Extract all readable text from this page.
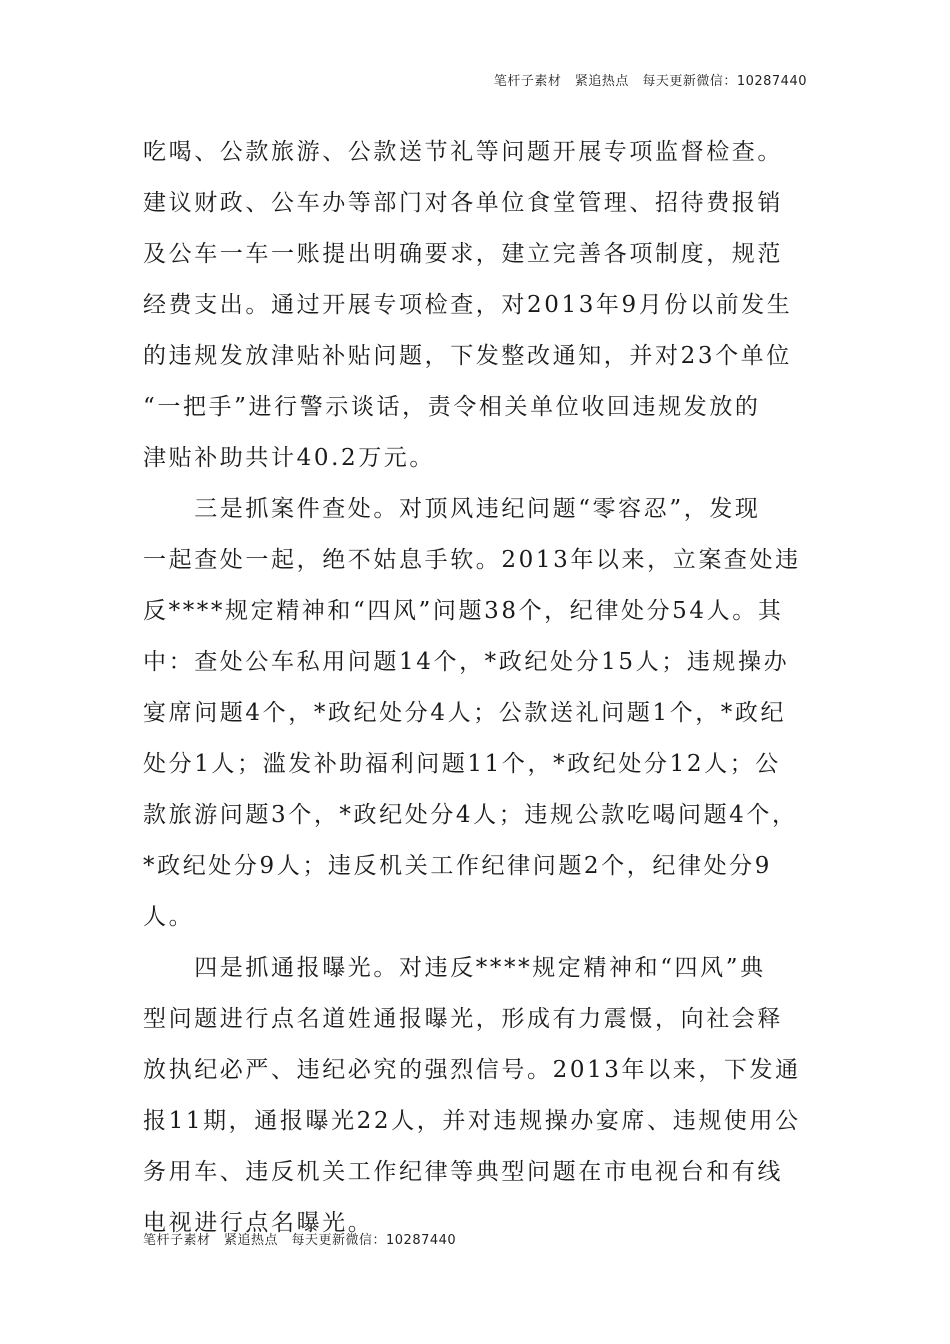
笔杆子素材　紧追热点　每天更新微信：10287440
吃喝、公款旅游、公款送节礼等问题开展专项监督检查。
建议财政、公车办等部门对各单位食堂管理、招待费报销
及公车一车一账提出明确要求，建立完善各项制度，规范
经费支出。通过开展专项检查，对2013年9月份以前发生
的违规发放津贴补贴问题，下发整改通知，并对23个单位
“一把手”进行警示谈话，责令相关单位收回违规发放的
津贴补助共计40.2万元。
　　三是抓案件查处。对顶风违纪问题“零容忍”，发现
一起查处一起，绝不姑息手软。2013年以来，立案查处违
反****规定精神和“四风”问题38个，纪律处分54人。其
中：查处公车私用问题14个，*政纪处分15人；违规操办
宴席问题4个，*政纪处分4人；公款送礼问题1个，*政纪
处分1人；滥发补助福利问题11个，*政纪处分12人；公
款旅游问题3个，*政纪处分4人；违规公款吃喝问题4个，
*政纪处分9人；违反机关工作纪律问题2个，纪律处分9
人。
　　四是抓通报曝光。对违反****规定精神和“四风”典
型问题进行点名道姓通报曝光，形成有力震慑，向社会释
放执纪必严、违纪必究的强烈信号。2013年以来，下发通
报11期，通报曝光22人，并对违规操办宴席、违规使用公
务用车、违反机关工作纪律等典型问题在市电视台和有线
电视进行点名曝光。
笔杆子素材　紧追热点　每天更新微信：10287440
